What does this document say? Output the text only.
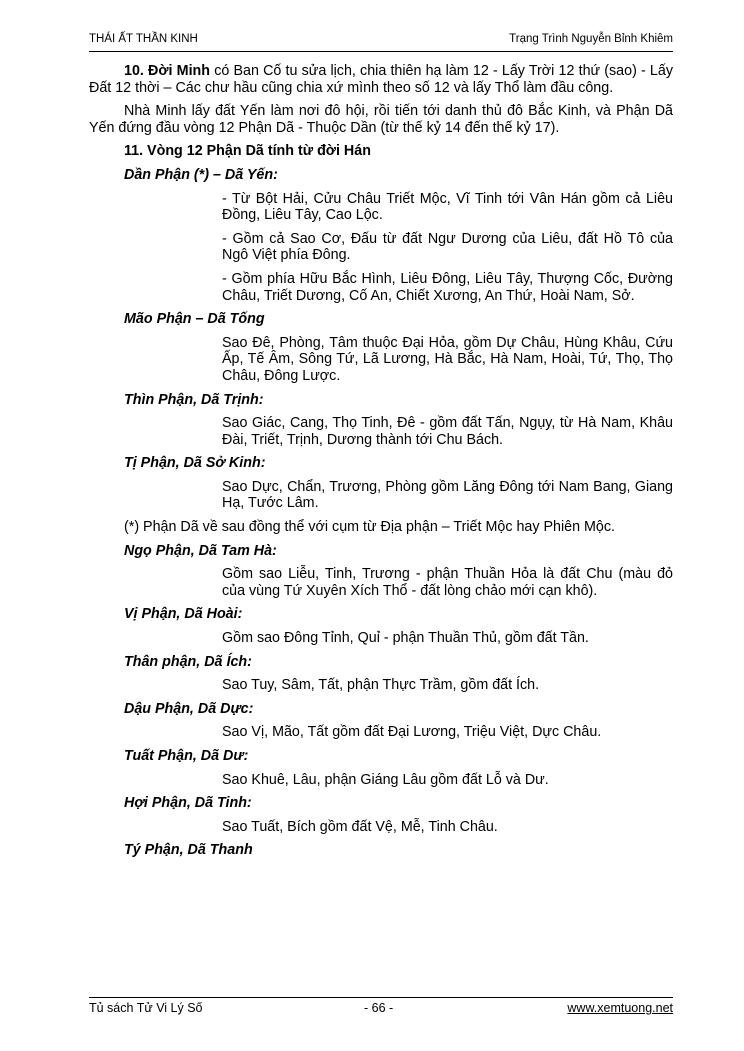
THÁI ẤT THẦN KINH	Trạng Trình Nguyễn Bỉnh Khiêm

10. Đời Minh có Ban Cố tu sửa lịch, chia thiên hạ làm 12 - Lấy Trời 12 thứ (sao) - Lấy Đất 12 thời – Các chư hầu cũng chia xứ mình theo số 12 và lấy Thổ làm đầu công.

Nhà Minh lấy đất Yến làm nơi đô hội, rồi tiến tới danh thủ đô Bắc Kinh, và Phận Dã Yến đứng đầu vòng 12 Phận Dã - Thuộc Dần (từ thế kỷ 14 đến thế kỷ 17).

11. Vòng 12 Phận Dã tính từ đời Hán

Dần Phận (*) – Dã Yến:

- Từ Bột Hải, Cửu Châu Triết Mộc, Vĩ Tinh tới Vân Hán gồm cả Liêu Đồng, Liêu Tây, Cao Lộc.

- Gồm cả Sao Cơ, Đấu từ đất Ngư Dương của Liêu, đất Hồ Tô của Ngô Việt phía Đông.

- Gồm phía Hữu Bắc Hình, Liêu Đông, Liêu Tây, Thượng Cốc, Đường Châu, Triết Dương, Cố An, Chiết Xương, An Thứ, Hoài Nam, Sở.

Mão Phận – Dã Tống

Sao Đê, Phòng, Tâm thuộc Đại Hỏa, gồm Dự Châu, Hùng Khâu, Cứu Ấp, Tế Âm, Sông Tứ, Lã Lương, Hà Bắc, Hà Nam, Hoài, Tứ, Thọ, Thọ Châu, Đông Lược.

Thìn Phận, Dã Trịnh:

Sao Giác, Cang, Thọ Tinh, Đê - gồm đất Tấn, Ngụy, từ Hà Nam, Khâu Đài, Triết, Trịnh, Dương thành tới Chu Bách.

Tị Phận, Dã Sở Kinh:

Sao Dực, Chẩn, Trương, Phòng gồm Lăng Đông tới Nam Bang, Giang Hạ, Tước Lâm.

(*) Phận Dã về sau đồng thể với cụm từ Địa phận – Triết Mộc hay Phiên Mộc.

Ngọ Phận, Dã Tam Hà:

Gồm sao Liễu, Tinh, Trương - phận Thuần Hỏa là đất Chu (màu đỏ của vùng Tứ Xuyên Xích Thổ - đất lòng chảo mới cạn khô).

Vị Phận, Dã Hoài:

Gồm sao Đông Tỉnh, Quỉ - phận Thuần Thủ, gồm đất Tần.

Thân phận, Dã Ích:

Sao Tuy, Sâm, Tất, phận Thực Trầm, gồm đất Ích.

Dậu Phận, Dã Dực:

Sao Vị, Mão, Tất gồm đất Đại Lương, Triệu Việt, Dực Châu.

Tuất Phận, Dã Dư:

Sao Khuê, Lâu, phận Giáng Lâu gồm đất Lỗ và Dư.

Hợi Phận, Dã Tinh:

Sao Tuất, Bích gồm đất Vệ, Mễ, Tinh Châu.

Tý Phận, Dã Thanh

Tủ sách Tử Vi Lý Số	- 66 -	www.xemtuong.net
